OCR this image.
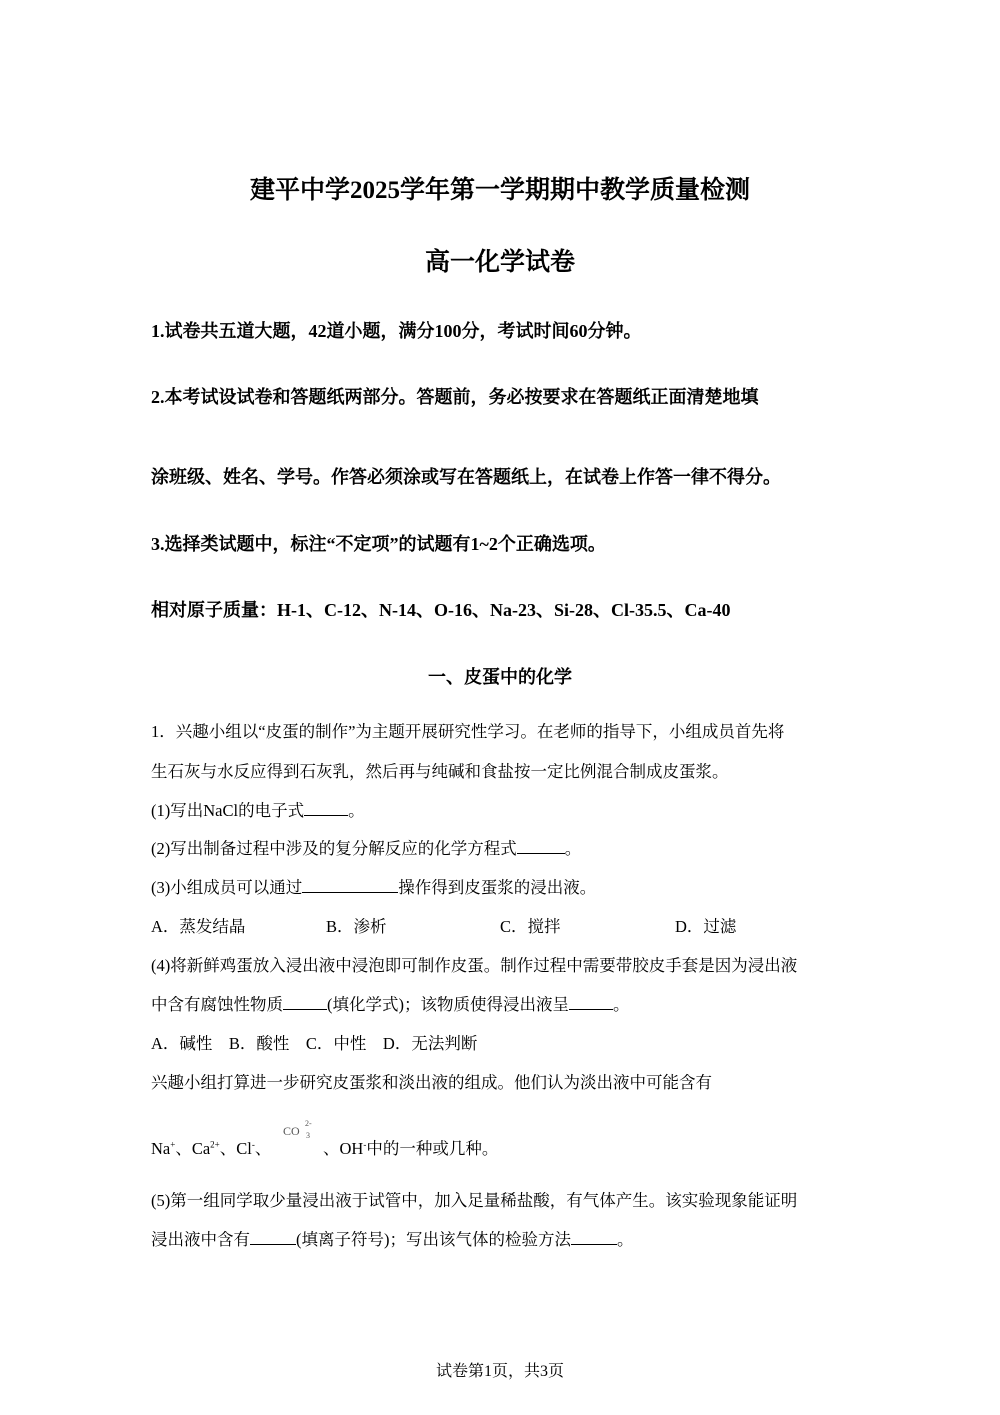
建平中学2025学年第一学期期中教学质量检测
高一化学试卷
1.试卷共五道大题，42道小题，满分100分，考试时间60分钟。
2.本考试设试卷和答题纸两部分。答题前，务必按要求在答题纸正面清楚地填
涂班级、姓名、学号。作答必须涂或写在答题纸上，在试卷上作答一律不得分。
3.选择类试题中，标注“不定项”的试题有1~2个正确选项。
相对原子质量：H-1、C-12、N-14、O-16、Na-23、Si-28、Cl-35.5、Ca-40
一、皮蛋中的化学
1．兴趣小组以“皮蛋的制作”为主题开展研究性学习。在老师的指导下，小组成员首先将
生石灰与水反应得到石灰乳，然后再与纯碱和食盐按一定比例混合制成皮蛋浆。
(1)写出NaCl的电子式	。
(2)写出制备过程中涉及的复分解反应的化学方程式	。
(3)小组成员可以通过	操作得到皮蛋浆的浸出液。
A．蒸发结晶	B．渗析	C．搅拌	D．过滤
(4)将新鲜鸡蛋放入浸出液中浸泡即可制作皮蛋。制作过程中需要带胶皮手套是因为浸出液
中含有腐蚀性物质	(填化学式)；该物质使得浸出液呈	。
A．碱性　B．酸性　C．中性　D．无法判断
兴趣小组打算进一步研究皮蛋浆和淡出液的组成。他们认为淡出液中可能含有
Na+、$Ca^{2+}$、Cl-、
CO
2-
3
、OH-中的一种或几种。
(5)第一组同学取少量浸出液于试管中，加入足量稀盐酸，有气体产生。该实验现象能证明
浸出液中含有	(填离子符号)；写出该气体的检验方法	。
试卷第1页，共3页
